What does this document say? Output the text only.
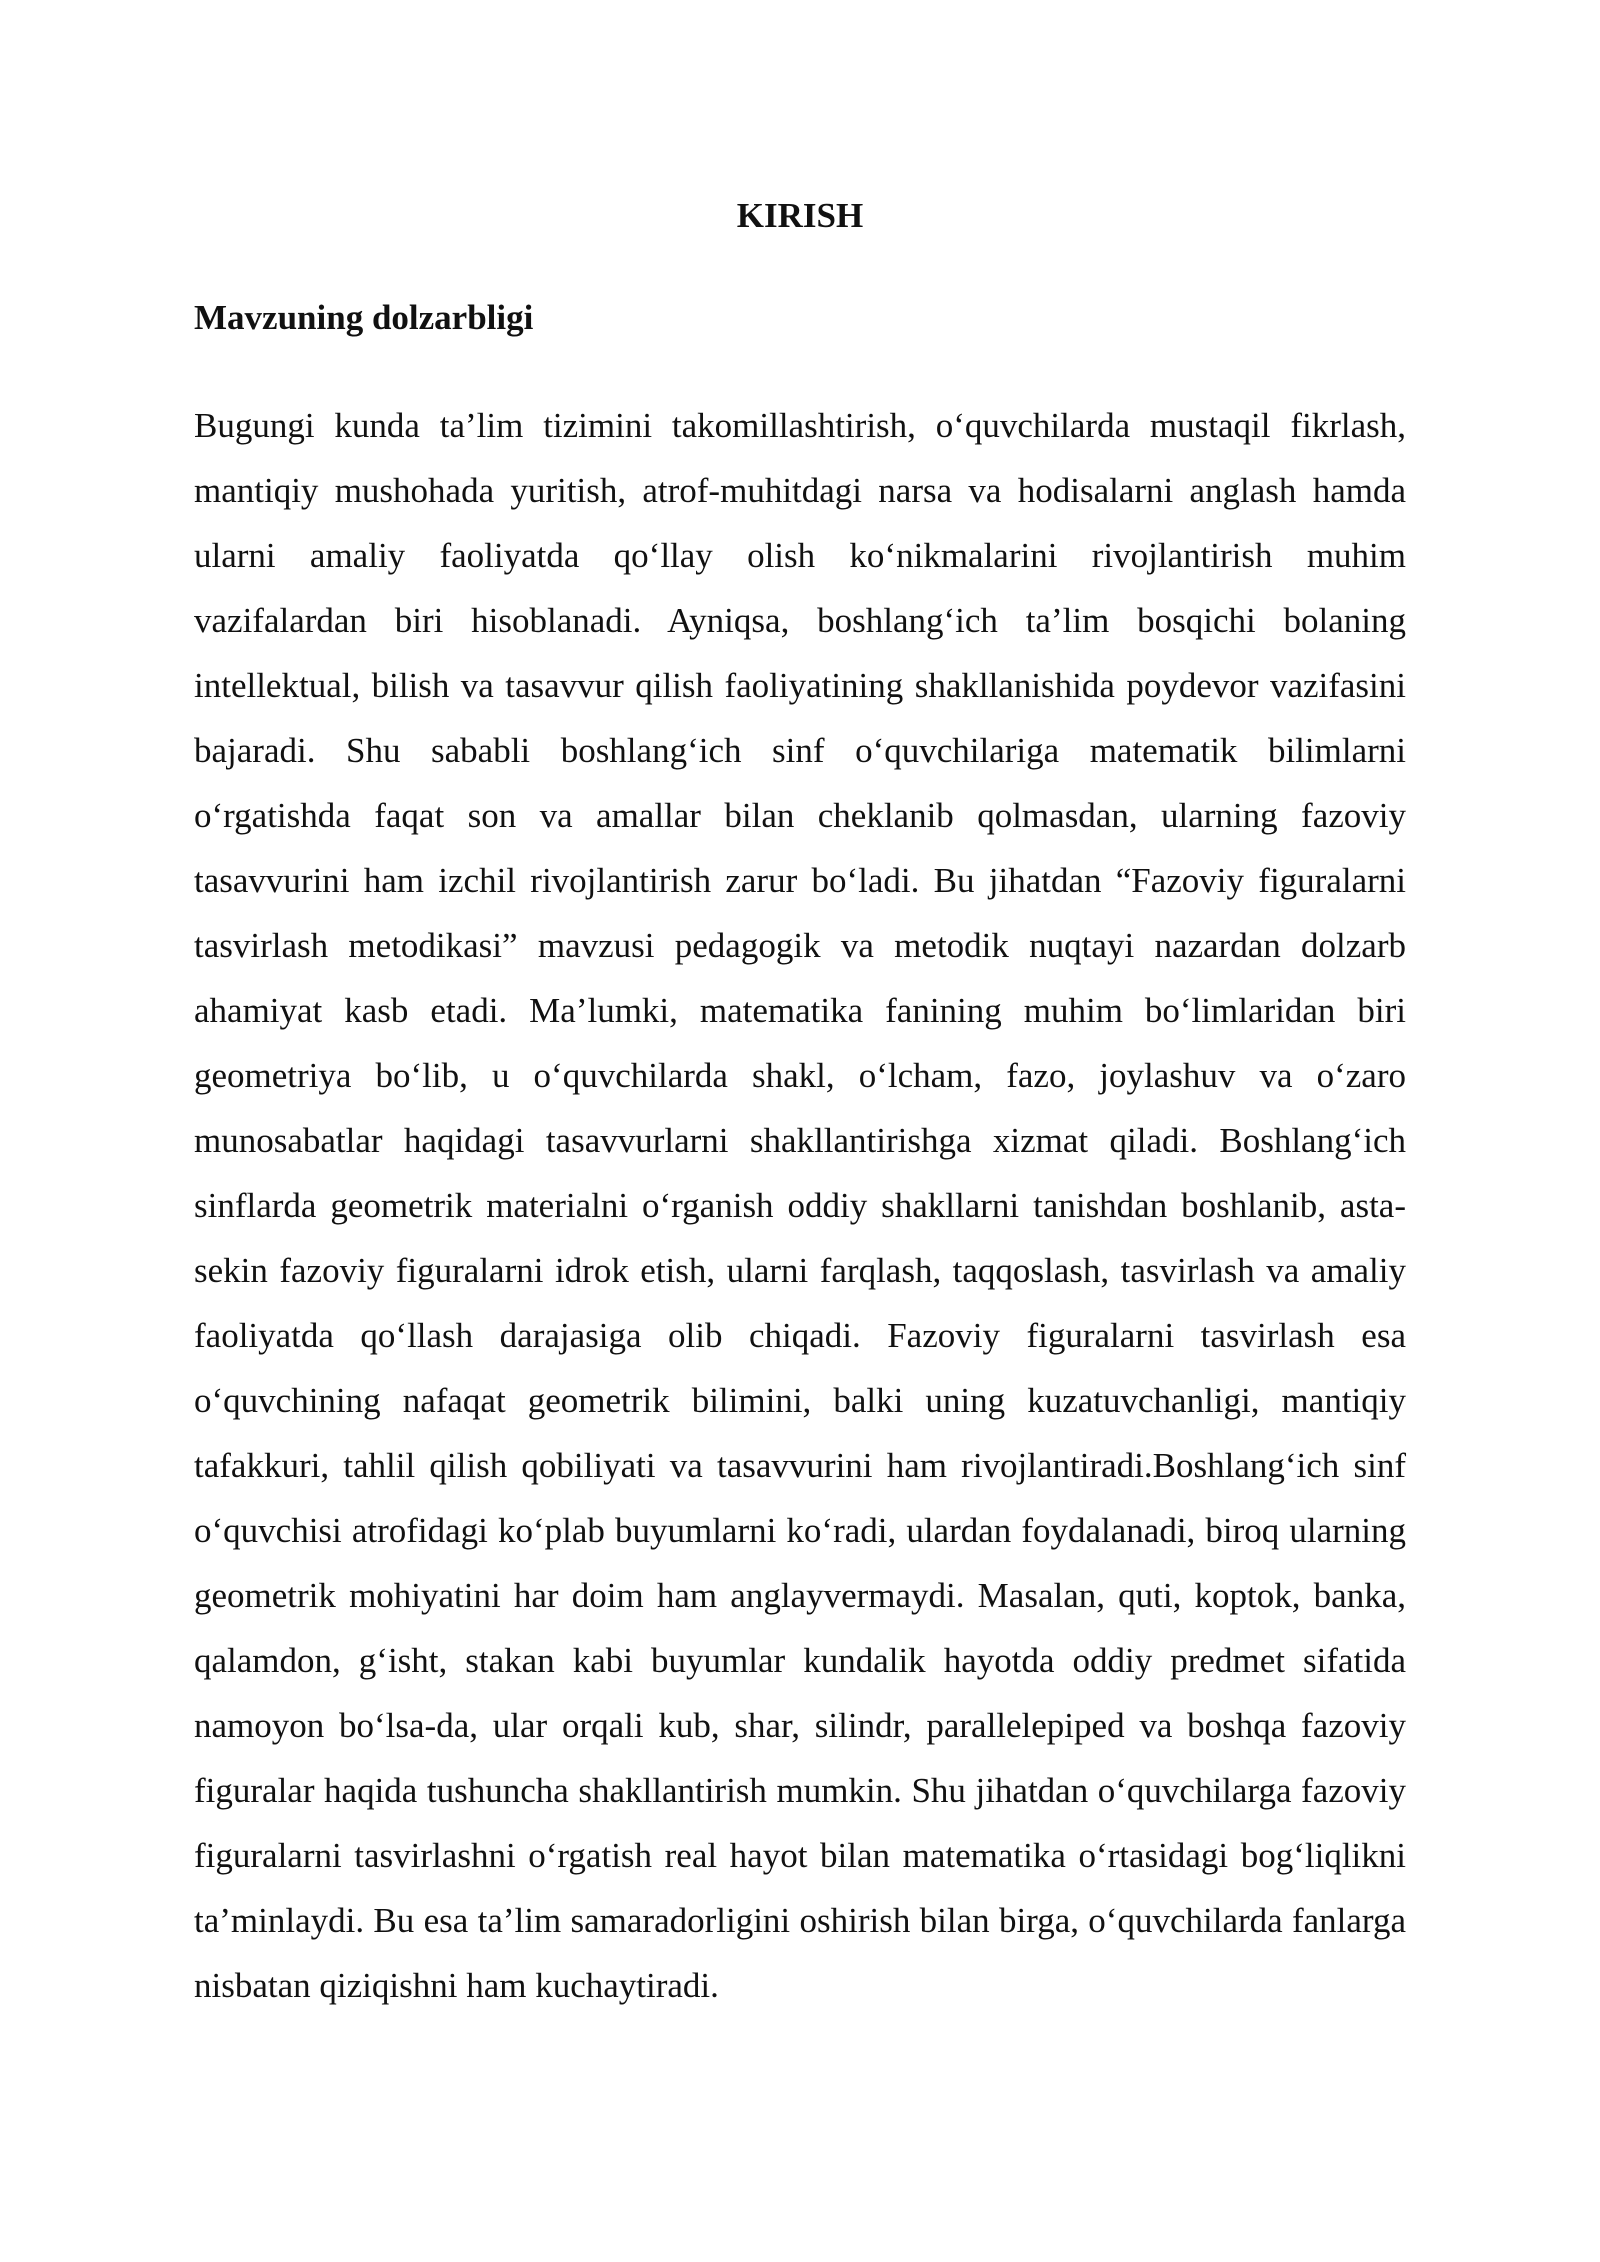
KIRISH
Mavzuning dolzarbligi

Bugungi kunda ta’lim tizimini takomillashtirish, o‘quvchilarda mustaqil fikrlash, mantiqiy mushohada yuritish, atrof-muhitdagi narsa va hodisalarni anglash hamda ularni amaliy faoliyatda qo‘llay olish ko‘nikmalarini rivojlantirish muhim vazifalardan biri hisoblanadi. Ayniqsa, boshlang‘ich ta’lim bosqichi bolaning intellektual, bilish va tasavvur qilish faoliyatining shakllanishida poydevor vazifasini bajaradi. Shu sababli boshlang‘ich sinf o‘quvchilariga matematik bilimlarni o‘rgatishda faqat son va amallar bilan cheklanib qolmasdan, ularning fazoviy tasavvurini ham izchil rivojlantirish zarur bo‘ladi. Bu jihatdan “Fazoviy figuralarni tasvirlash metodikasi” mavzusi pedagogik va metodik nuqtayi nazardan dolzarb ahamiyat kasb etadi. Ma’lumki, matematika fanining muhim bo‘limlaridan biri geometriya bo‘lib, u o‘quvchilarda shakl, o‘lcham, fazo, joylashuv va o‘zaro munosabatlar haqidagi tasavvurlarni shakllantirishga xizmat qiladi. Boshlang‘ich sinflarda geometrik materialni o‘rganish oddiy shakllarni tanishdan boshlanib, asta-sekin fazoviy figuralarni idrok etish, ularni farqlash, taqqoslash, tasvirlash va amaliy faoliyatda qo‘llash darajasiga olib chiqadi. Fazoviy figuralarni tasvirlash esa o‘quvchining nafaqat geometrik bilimini, balki uning kuzatuvchanligi, mantiqiy tafakkuri, tahlil qilish qobiliyati va tasavvurini ham rivojlantiradi.Boshlang‘ich sinf o‘quvchisi atrofidagi ko‘plab buyumlarni ko‘radi, ulardan foydalanadi, biroq ularning geometrik mohiyatini har doim ham anglayvermaydi. Masalan, quti, koptok, banka, qalamdon, g‘isht, stakan kabi buyumlar kundalik hayotda oddiy predmet sifatida namoyon bo‘lsa-da, ular orqali kub, shar, silindr, parallelepiped va boshqa fazoviy figuralar haqida tushuncha shakllantirish mumkin. Shu jihatdan o‘quvchilarga fazoviy figuralarni tasvirlashni o‘rgatish real hayot bilan matematika o‘rtasidagi bog‘liqlikni ta’minlaydi. Bu esa ta’lim samaradorligini oshirish bilan birga, o‘quvchilarda fanlarga nisbatan qiziqishni ham kuchaytiradi.
